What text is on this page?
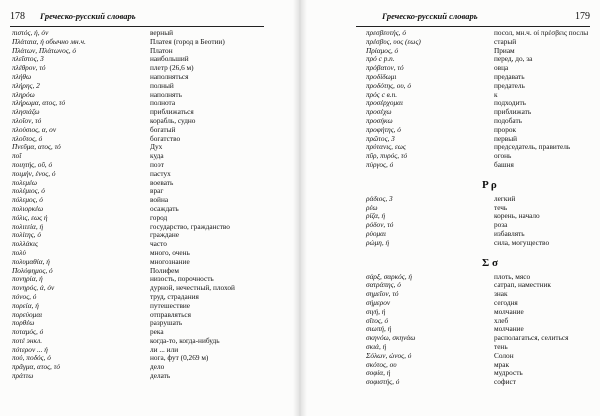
178 Греческо-русский словарь
πιστός, ή, όν	верный
Πλάταια, ή обычно мн.ч.	Платея (город в Беотии)
Πλάτων, Πλάτωνος, ό	Платон
πλεῖστος, 3	наибольший
πλέθρον, τό	плетр (26,6 м)
πλήθω	наполняться
πλήρης, 2	полный
πληρόω	наполнять
πλήρωμα, ατος, τό	полнота
πλησιάζω	приближаться
πλοῖον, τό	корабль, судно
πλούσιος, α, ον	богатый
πλοῦτος, ό	богатство
Πνεῦμα, ατος, τό	Дух
ποῖ	куда
ποιητής, οῦ, ό	поэт
ποιμήν, ένος, ό	пастух
πολεμέω	воевать
πολέμιος, ό	враг
πόλεμος, ό	война
πολιορκέω	осаждать
πόλις, εως ή	город
πολιτεία, ή	государство, гражданство
πολίτης, ό	граждане
πολλάκις	часто
πολύ	много, очень
πολυμαθία, ή	многознание
Πολύφημος, ό	Полифем
πονηρία, ή	низость, порочность
πονηρός, ά, όν	дурной, нечестный, плохой
πόνος, ό	труд, страдания
πορεία, ή	путешествие
πορεύομαι	отправляться
πορθέω	разрушать
ποταμός, ό	река
ποτέ энкл.	когда-то, когда-нибудь
πότερον ... ή	ли ... или
πού, ποδός, ό	нога, фут (0,269 м)
πρᾶγμα, ατος, τό	дело
πράττω	делать
Греческо-русский словарь	179
πρεσβευτής, ό	посол, мн.ч. οί πρέσβεις послы
πρέσβυς, υος (εως)	старый
Πρίαμος, ό	Приам
πρό с р.п.	перед, до, за
πρόβατον, τό	овца
προδίδωμι	предавать
προδότης, ου, ό	предатель
πρός с в.п.	к
προσέρχομαι	подходить
προσέχω	приближать
προσήκω	подобать
προφήτης, ό	пророк
πρῶτος, 3	первый
πρύτανις, εως	председатель, правитель
πῦρ, πυρός, τό	огонь
πύργος, ό	башня
Ρ ρ
ράδιος, 3	легкий
ρέω	течь
ρίζα, ή	корень, начало
ρόδον, τό	роза
ρύομαι	избавлять
ρώμη, ή	сила, могущество
Σ σ
σάρξ, σαρκός, ή	плоть, мясо
σατράπης, ό	сатрап, наместник
σημεῖον, τό	знак
σήμερον	сегодня
σιγή, ή	молчание
σῖτος, ό	хлеб
σιωπή, ή	молчание
σκηνόω, σκηνάω	располагаться, селиться
σκιά, ή	тень
Σόλων, ώνος, ό	Солон
σκότος, ου	мрак
σοφία, ή	мудрость
σοφιστής, ό	софист
